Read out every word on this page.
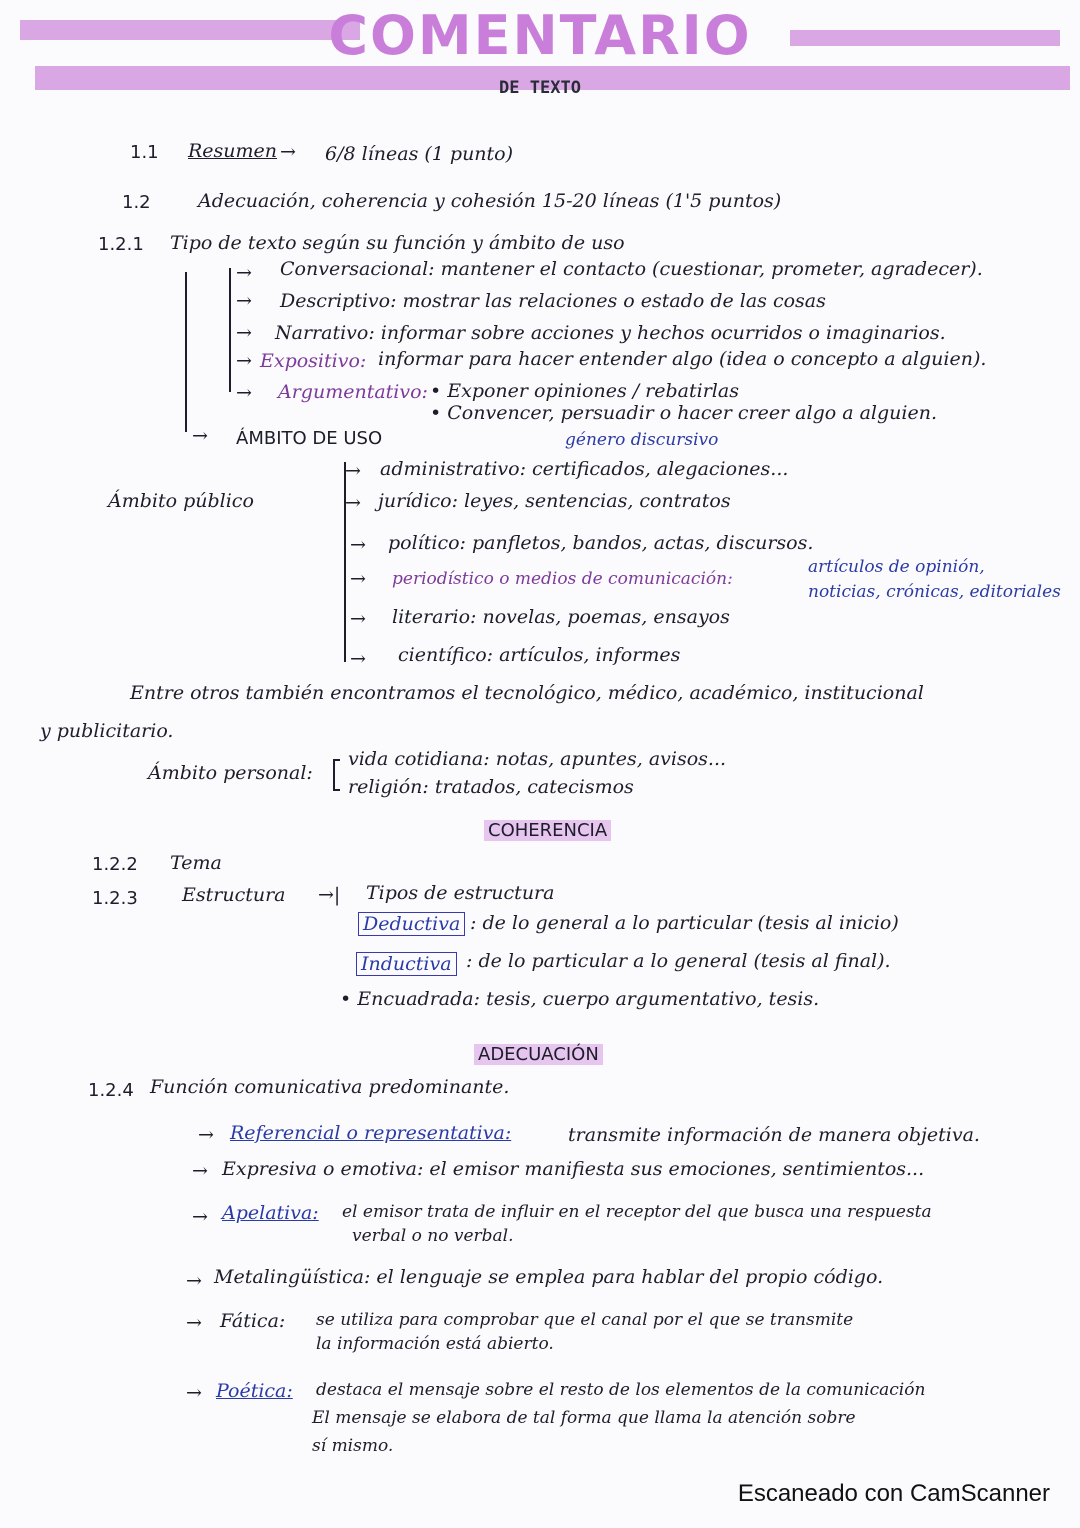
COMENTARIO
DE TEXTO
1.1 Resumen → 6/8 líneas (1 punto)
1.2 Adecuación, coherencia y cohesión 15-20 líneas (1'5 puntos)
1.2.1 Tipo de texto según su función y ámbito de uso
→ Conversacional: mantener el contacto (cuestionar, prometer, agradecer).
→ Descriptivo: mostrar las relaciones o estado de las cosas
→ Narrativo: informar sobre acciones y hechos ocurridos o imaginarios.
→ Expositivo: informar para hacer entender algo (idea o concepto a alguien).
→ Argumentativo: • Exponer opiniones / rebatirlas
• Convencer, persuadir o hacer creer algo a alguien.
→ ÁMBITO DE USO	género discursivo
Ámbito público
→ administrativo: certificados, alegaciones...
→ jurídico: leyes, sentencias, contratos
→ político: panfletos, bandos, actas, discursos.
→ periodístico o medios de comunicación:
artículos de opinión,
noticias, crónicas, editoriales
→ literario: novelas, poemas, ensayos
→ científico: artículos, informes
Entre otros también encontramos el tecnológico, médico, académico, institucional
y publicitario.
Ámbito personal:
vida cotidiana: notas, apuntes, avisos...
religión: tratados, catecismos
COHERENCIA
1.2.2 Tema
1.2.3 Estructura →| Tipos de estructura
Deductiva : de lo general a lo particular (tesis al inicio)
Inductiva : de lo particular a lo general (tesis al final).
• Encuadrada: tesis, cuerpo argumentativo, tesis.
ADECUACIÓN
1.2.4 Función comunicativa predominante.
→ Referencial o representativa:	transmite información de manera objetiva.
→ Expresiva o emotiva: el emisor manifiesta sus emociones, sentimientos...
→ Apelativa: el emisor trata de influir en el receptor del que busca una respuesta
verbal o no verbal.
→ Metalingüística: el lenguaje se emplea para hablar del propio código.
→ Fática: se utiliza para comprobar que el canal por el que se transmite
la información está abierto.
→ Poética: destaca el mensaje sobre el resto de los elementos de la comunicación
El mensaje se elabora de tal forma que llama la atención sobre
sí mismo.
Escaneado con CamScanner
